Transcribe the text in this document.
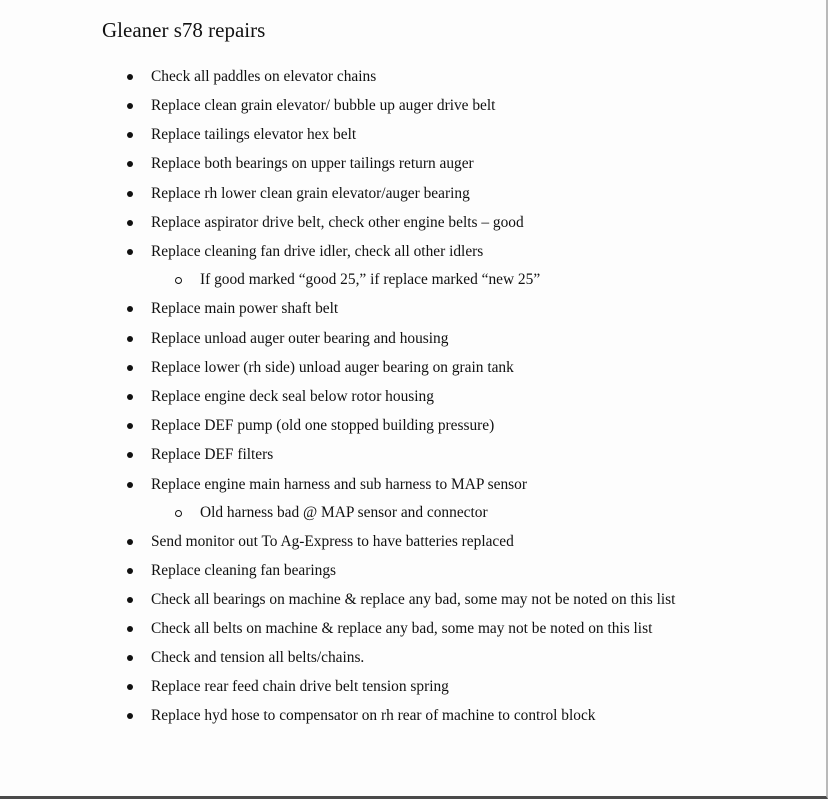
Gleaner s78 repairs
Check all paddles on elevator chains
Replace clean grain elevator/ bubble up auger drive belt
Replace tailings elevator hex belt
Replace both bearings on upper tailings return auger
Replace rh lower clean grain elevator/auger bearing
Replace aspirator drive belt, check other engine belts – good
Replace cleaning fan drive idler, check all other idlers
If good marked “good 25,” if replace marked “new 25”
Replace main power shaft belt
Replace unload auger outer bearing and housing
Replace lower (rh side) unload auger bearing on grain tank
Replace engine deck seal below rotor housing
Replace DEF pump (old one stopped building pressure)
Replace DEF filters
Replace engine main harness and sub harness to MAP sensor
Old harness bad @ MAP sensor and connector
Send monitor out To Ag-Express to have batteries replaced
Replace cleaning fan bearings
Check all bearings on machine & replace any bad, some may not be noted on this list
Check all belts on machine & replace any bad, some may not be noted on this list
Check and tension all belts/chains.
Replace rear feed chain drive belt tension spring
Replace hyd hose to compensator on rh rear of machine to control block
